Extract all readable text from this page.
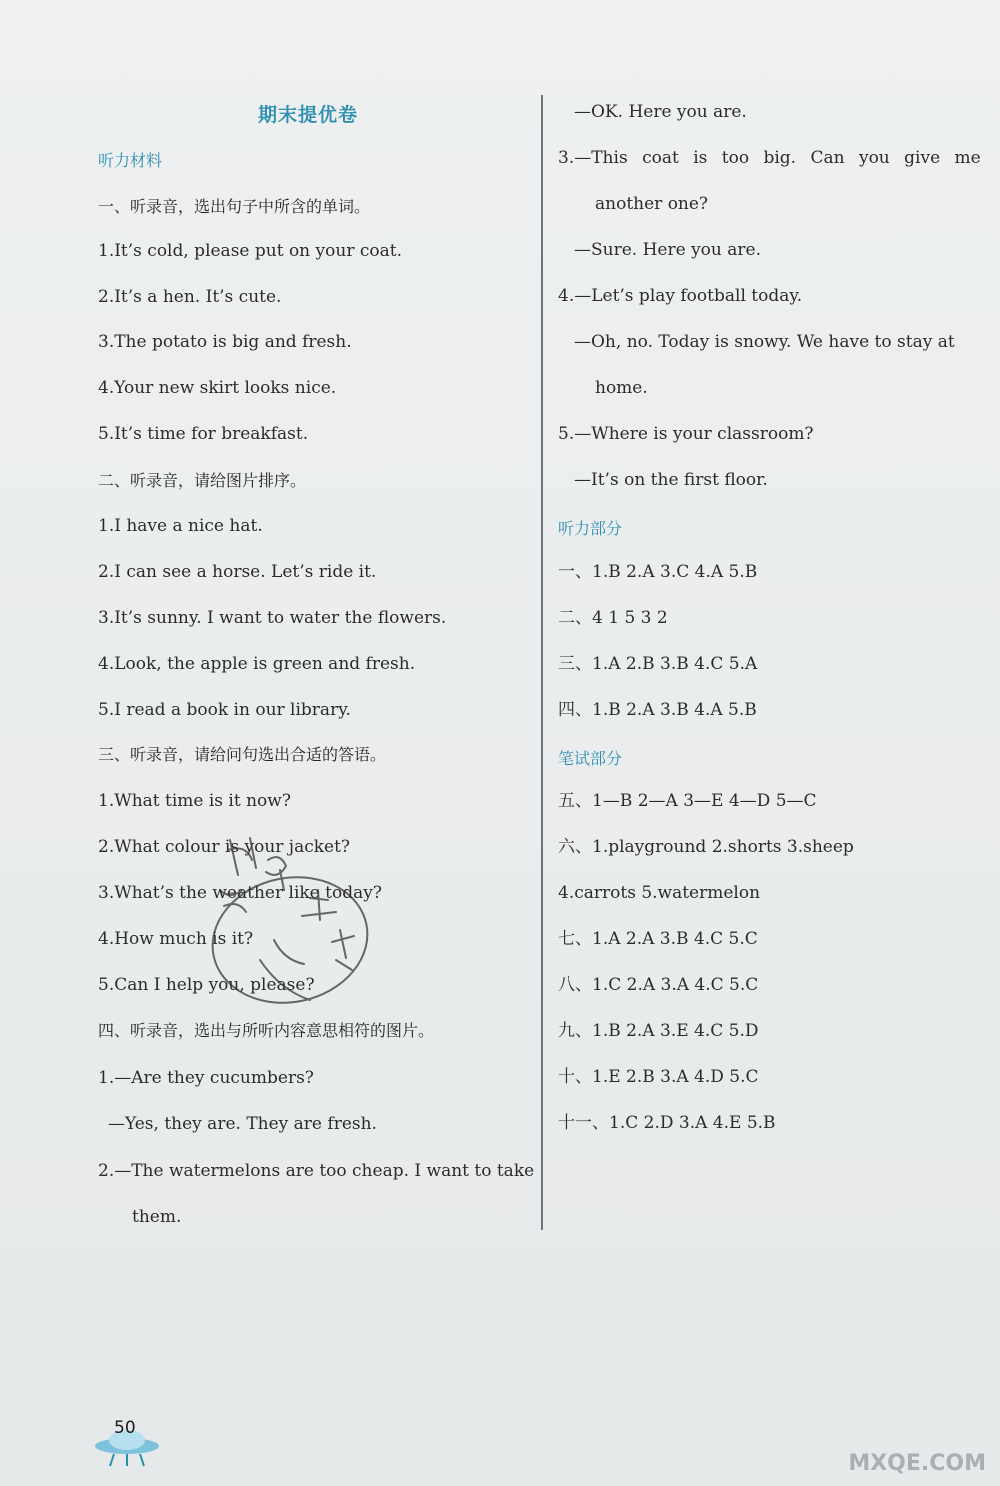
期末提优卷
听力材料
一、听录音，选出句子中所含的单词。
1.It’s cold, please put on your coat.
2.It’s a hen. It’s cute.
3.The potato is big and fresh.
4.Your new skirt looks nice.
5.It’s time for breakfast.
二、听录音，请给图片排序。
1.I have a nice hat.
2.I can see a horse. Let’s ride it.
3.It’s sunny. I want to water the flowers.
4.Look, the apple is green and fresh.
5.I read a book in our library.
三、听录音，请给问句选出合适的答语。
1.What time is it now?
2.What colour is your jacket?
3.What’s the weather like today?
4.How much is it?
5.Can I help you, please?
四、听录音，选出与所听内容意思相符的图片。
1.—Are they cucumbers?
—Yes, they are. They are fresh.
2.—The watermelons are too cheap. I want to take
them.
—OK. Here you are.
3.—This coat is too big. Can you give me
another one?
—Sure. Here you are.
4.—Let’s play football today.
—Oh, no. Today is snowy. We have to stay at
home.
5.—Where is your classroom?
—It’s on the first floor.
听力部分
一、1.B 2.A 3.C 4.A 5.B
二、4 1 5 3 2
三、1.A 2.B 3.B 4.C 5.A
四、1.B 2.A 3.B 4.A 5.B
笔试部分
五、1—B 2—A 3—E 4—D 5—C
六、1.playground 2.shorts 3.sheep
4.carrots 5.watermelon
七、1.A 2.A 3.B 4.C 5.C
八、1.C 2.A 3.A 4.C 5.C
九、1.B 2.A 3.E 4.C 5.D
十、1.E 2.B 3.A 4.D 5.C
十一、1.C 2.D 3.A 4.E 5.B
50
MXQE.COM
